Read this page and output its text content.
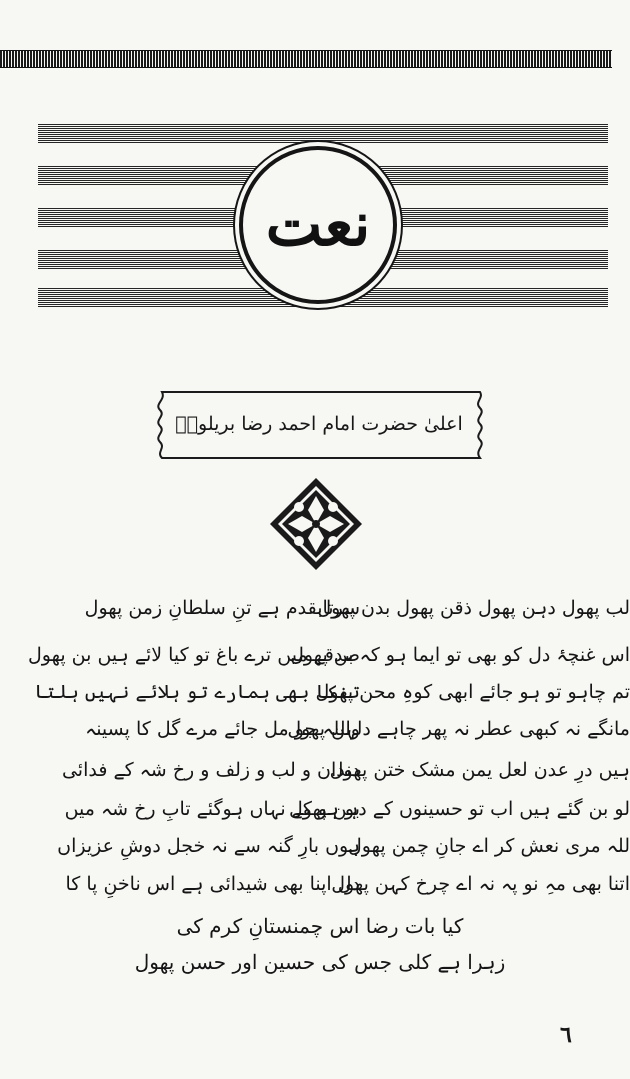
نعت
اعلیٰ حضرت امام احمد رضا بریلویؒ
سرتابقدم ہے تنِ سلطانِ زمن پھول
لب پھول دہن پھول ذقن پھول بدن پھول
صدقے میں ترے باغ تو کیا لائے ہیں بن پھول
اس غنچۂ دل کو بھی تو ایما ہو کہ بن پھول
تنکا بھی ہمارے تو ہلائے نہیں ہلتا
تم چاہو تو ہو جائے ابھی کوہِ محن پھول
واللہ جو مل جائے مرے گل کا پسینہ
مانگے نہ کبھی عطر نہ پھر چاہے دلہن پھول
دندان و لب و زلف و رخ شہ کے فدائی
ہیں درِ عدن لعل یمن مشک ختن پھول
بو ہو کے نہاں ہوگئے تابِ رخ شہ میں
لو بن گئے ہیں اب تو حسینوں کے دہن پھول
ہوں بارِ گنہ سے نہ خجل دوشِ عزیزاں
للہ مری نعش کر اے جانِ چمن پھول
دل اپنا بھی شیدائی ہے اس ناخنِ پا کا
اتنا بھی مہِ نو پہ نہ اے چرخ کہن پھول
کیا بات رضا اس چمنستانِ کرم کی
زہرا ہے کلی جس کی حسین اور حسن پھول
٦
